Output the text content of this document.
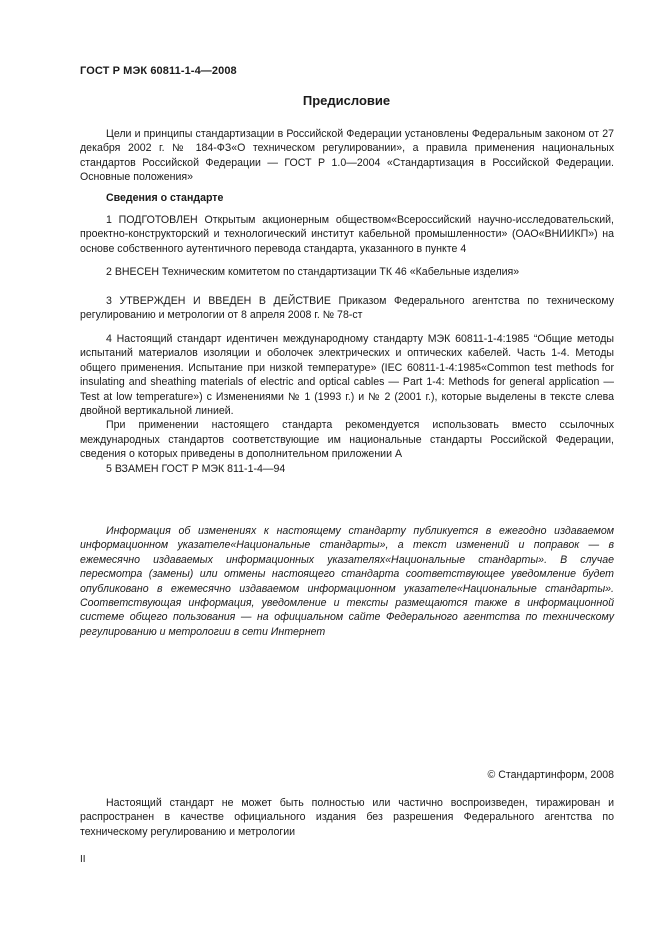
ГОСТ Р МЭК 60811-1-4—2008
Предисловие

Цели и принципы стандартизации в Российской Федерации установлены Федеральным законом от 27 декабря 2002 г. № 184-ФЗ«О техническом регулировании», а правила применения национальных стандартов Российской Федерации — ГОСТ Р 1.0—2004 «Стандартизация в Российской Федерации. Основные положения»

Сведения о стандарте

1 ПОДГОТОВЛЕН Открытым акционерным обществом«Всероссийский научно-исследовательский, проектно-конструкторский и технологический институт кабельной промышленности» (ОАО«ВНИИКП») на основе собственного аутентичного перевода стандарта, указанного в пункте 4

2 ВНЕСЕН Техническим комитетом по стандартизации ТК 46 «Кабельные изделия»

3 УТВЕРЖДЕН И ВВЕДЕН В ДЕЙСТВИЕ Приказом Федерального агентства по техническому регулированию и метрологии от 8 апреля 2008 г. № 78-ст

4 Настоящий стандарт идентичен международному стандарту МЭК 60811-1-4:1985 “Общие методы испытаний материалов изоляции и оболочек электрических и оптических кабелей. Часть 1-4. Методы общего применения. Испытание при низкой температуре» (IEC 60811-1-4:1985«Common test methods for insulating and sheathing materials of electric and optical cables — Part 1-4: Methods for general application — Test at low temperature») с Изменениями № 1 (1993 г.) и № 2 (2001 г.), которые выделены в тексте слева двойной вертикальной линией.

При применении настоящего стандарта рекомендуется использовать вместо ссылочных международных стандартов соответствующие им национальные стандарты Российской Федерации, сведения о которых приведены в дополнительном приложении А

5 ВЗАМЕН ГОСТ Р МЭК 811-1-4—94

Информация об изменениях к настоящему стандарту публикуется в ежегодно издаваемом информационном указателе«Национальные стандарты», а текст изменений и поправок — в ежемесячно издаваемых информационных указателях«Национальные стандарты». В случае пересмотра (замены) или отмены настоящего стандарта соответствующее уведомление будет опубликовано в ежемесячно издаваемом информационном указателе«Национальные стандарты». Соответствующая информация, уведомление и тексты размещаются также в информационной системе общего пользования — на официальном сайте Федерального агентства по техническому регулированию и метрологии в сети Интернет

© Стандартинформ, 2008

Настоящий стандарт не может быть полностью или частично воспроизведен, тиражирован и распространен в качестве официального издания без разрешения Федерального агентства по техническому регулированию и метрологии

II
